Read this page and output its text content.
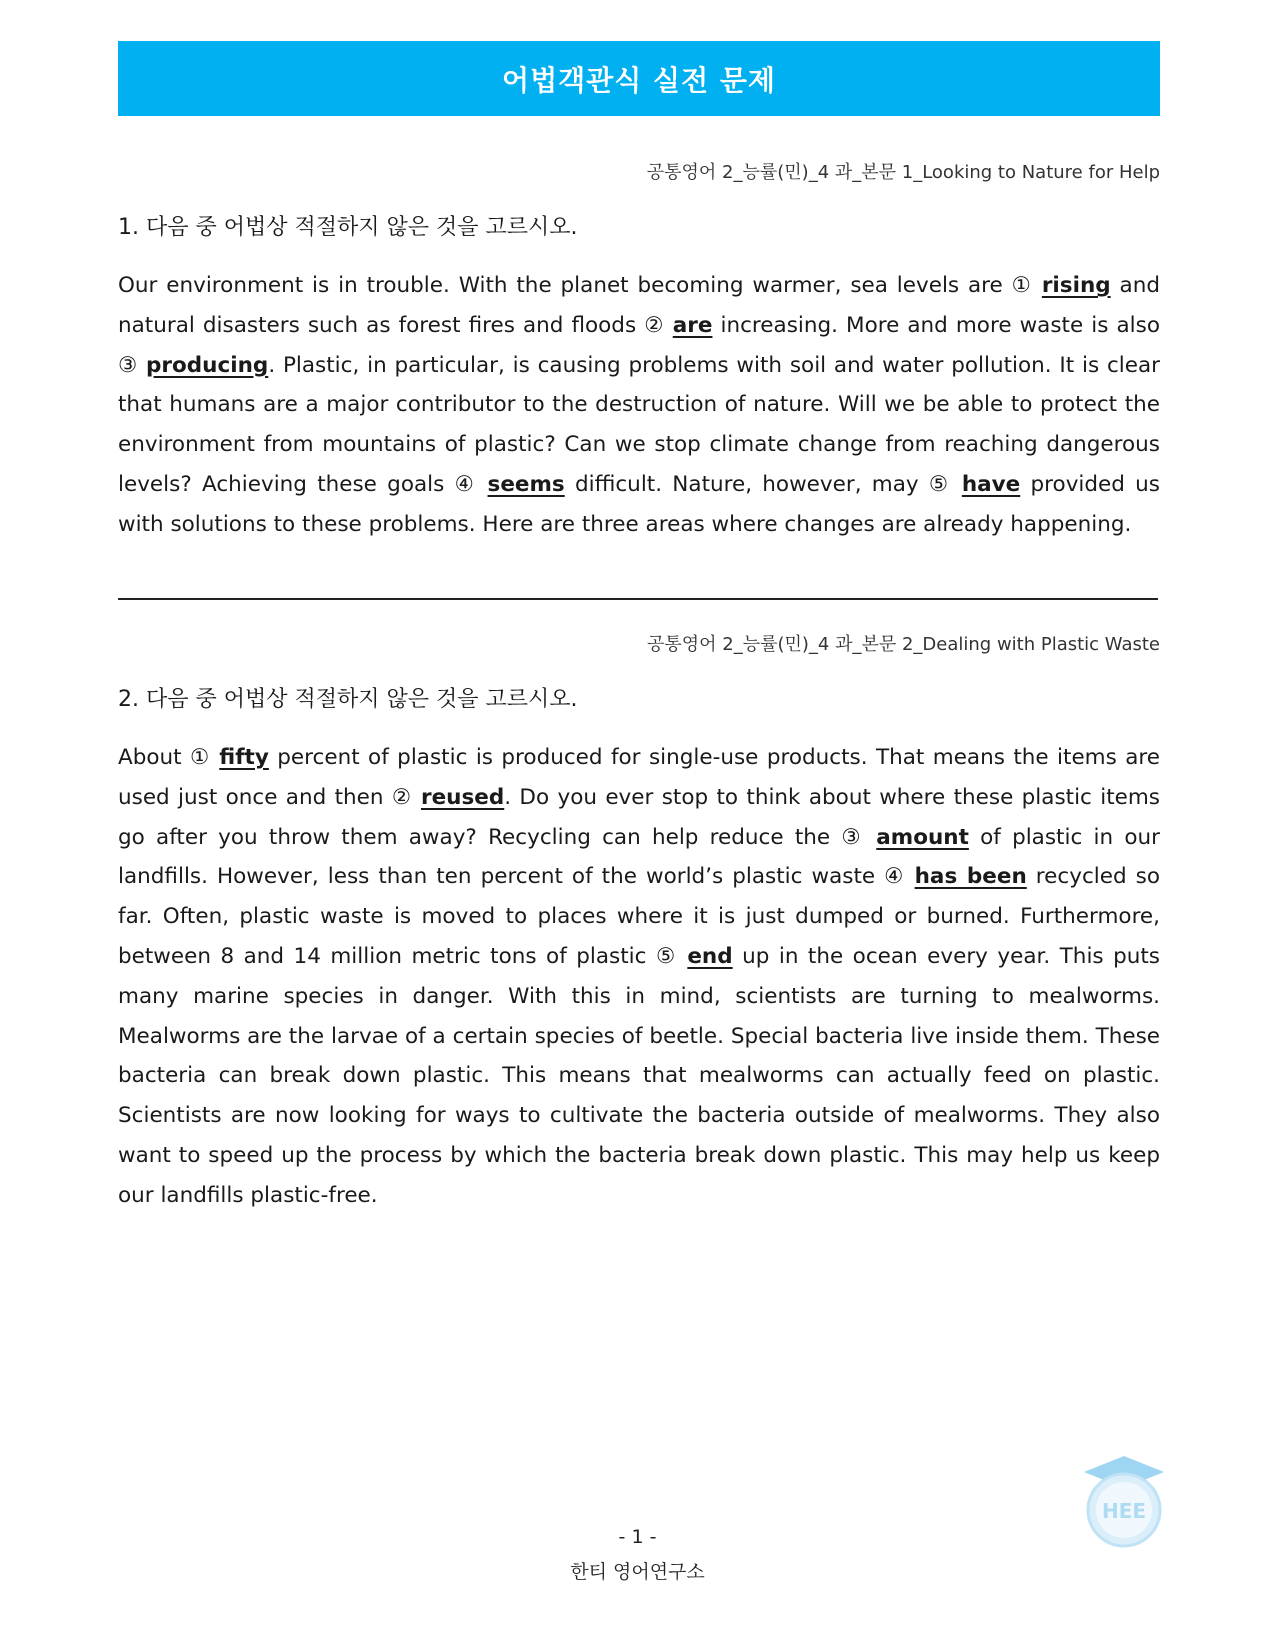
어법객관식 실전 문제
공통영어 2_능률(민)_4 과_본문 1_Looking to Nature for Help
1. 다음 중 어법상 적절하지 않은 것을 고르시오.

Our environment is in trouble. With the planet becoming warmer, sea levels are ① rising and natural disasters such as forest fires and floods ② are increasing. More and more waste is also ③ producing. Plastic, in particular, is causing problems with soil and water pollution. It is clear that humans are a major contributor to the destruction of nature. Will we be able to protect the environment from mountains of plastic? Can we stop climate change from reaching dangerous levels? Achieving these goals ④ seems difficult. Nature, however, may ⑤ have provided us with solutions to these problems. Here are three areas where changes are already happening.

공통영어 2_능률(민)_4 과_본문 2_Dealing with Plastic Waste
2. 다음 중 어법상 적절하지 않은 것을 고르시오.

About ① fifty percent of plastic is produced for single-use products. That means the items are used just once and then ② reused. Do you ever stop to think about where these plastic items go after you throw them away? Recycling can help reduce the ③ amount of plastic in our landfills. However, less than ten percent of the world’s plastic waste ④ has been recycled so far. Often, plastic waste is moved to places where it is just dumped or burned. Furthermore, between 8 and 14 million metric tons of plastic ⑤ end up in the ocean every year. This puts many marine species in danger. With this in mind, scientists are turning to mealworms. Mealworms are the larvae of a certain species of beetle. Special bacteria live inside them. These bacteria can break down plastic. This means that mealworms can actually feed on plastic. Scientists are now looking for ways to cultivate the bacteria outside of mealworms. They also want to speed up the process by which the bacteria break down plastic. This may help us keep our landfills plastic-free.

HEE
- 1 -
한티 영어연구소
